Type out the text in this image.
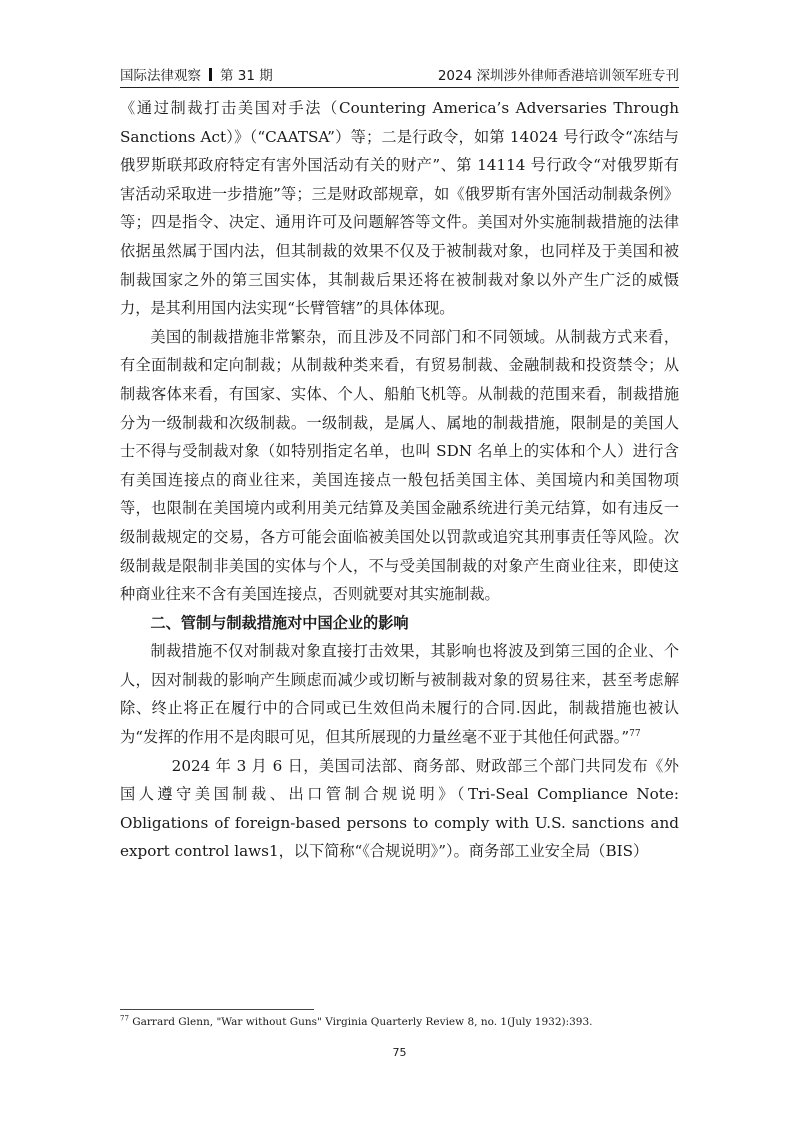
国际法律观察 第 31 期	2024 深圳涉外律师香港培训领军班专刊

《通过制裁打击美国对手法（Countering America’s Adversaries Through Sanctions Act）》（“CAATSA”）等；二是行政令，如第 14024 号行政令“冻结与俄罗斯联邦政府特定有害外国活动有关的财产”、第 14114 号行政令“对俄罗斯有害活动采取进一步措施”等；三是财政部规章，如《俄罗斯有害外国活动制裁条例》等；四是指令、决定、通用许可及问题解答等文件。美国对外实施制裁措施的法律依据虽然属于国内法，但其制裁的效果不仅及于被制裁对象，也同样及于美国和被制裁国家之外的第三国实体，其制裁后果还将在被制裁对象以外产生广泛的威慑力，是其利用国内法实现“长臂管辖”的具体体现。

美国的制裁措施非常繁杂，而且涉及不同部门和不同领域。从制裁方式来看，有全面制裁和定向制裁；从制裁种类来看，有贸易制裁、金融制裁和投资禁令；从制裁客体来看，有国家、实体、个人、船舶飞机等。从制裁的范围来看，制裁措施分为一级制裁和次级制裁。一级制裁，是属人、属地的制裁措施，限制是的美国人士不得与受制裁对象（如特别指定名单，也叫 SDN 名单上的实体和个人）进行含有美国连接点的商业往来，美国连接点一般包括美国主体、美国境内和美国物项等，也限制在美国境内或利用美元结算及美国金融系统进行美元结算，如有违反一级制裁规定的交易，各方可能会面临被美国处以罚款或追究其刑事责任等风险。次级制裁是限制非美国的实体与个人，不与受美国制裁的对象产生商业往来，即使这种商业往来不含有美国连接点，否则就要对其实施制裁。

二、管制与制裁措施对中国企业的影响

制裁措施不仅对制裁对象直接打击效果，其影响也将波及到第三国的企业、个人，因对制裁的影响产生顾虑而减少或切断与被制裁对象的贸易往来，甚至考虑解除、终止将正在履行中的合同或已生效但尚未履行的合同.因此，制裁措施也被认为“发挥的作用不是肉眼可见，但其所展现的力量丝毫不亚于其他任何武器。”$^{77}$

2024 年 3 月 6 日，美国司法部、商务部、财政部三个部门共同发布《外国人遵守美国制裁、出口管制合规说明》（Tri-Seal Compliance Note: Obligations of foreign-based persons to comply with U.S. sanctions and export control laws1，以下简称“《合规说明》”）。商务部工业安全局（BIS）

$^{77}$ Garrard Glenn, "War without Guns" Virginia Quarterly Review 8, no. 1(July 1932):393.
75
